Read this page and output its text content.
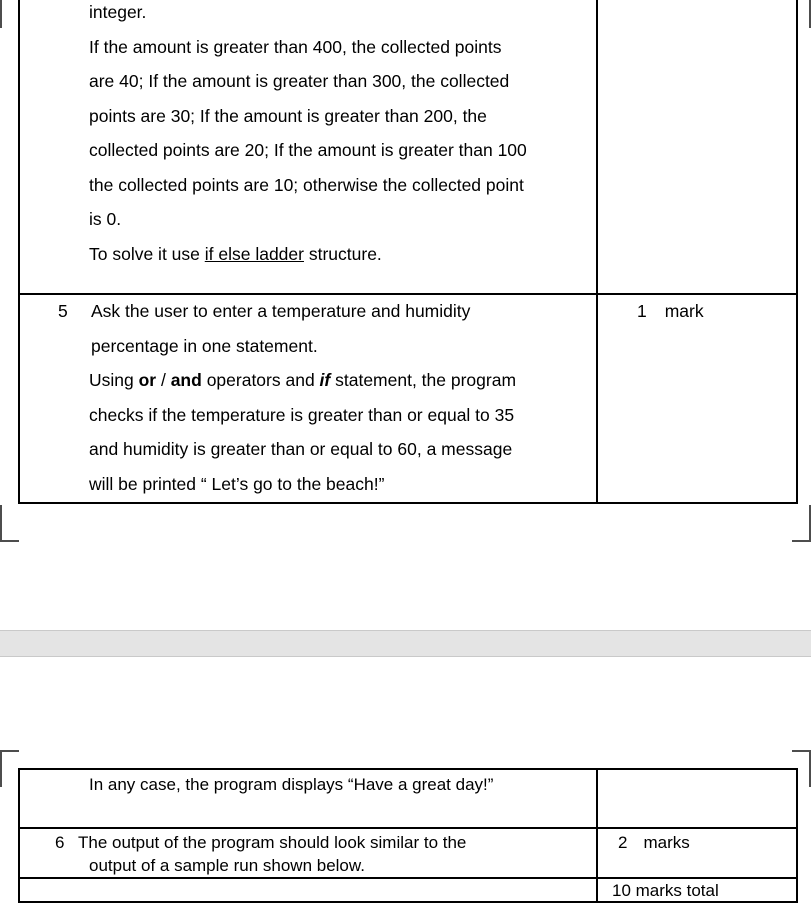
integer.
If the amount is greater than 400, the collected points
are 40; If the amount is greater than 300, the collected
points are 30; If the amount is greater than 200, the
collected points are 20; If the amount is greater than 100
the collected points are 10; otherwise the collected point
is 0.
To solve it use if else ladder structure.
5 Ask the user to enter a temperature and humidity
percentage in one statement.
Using or / and operators and if statement, the program
checks if the temperature is greater than or equal to 35
and humidity is greater than or equal to 60, a message
will be printed “ Let’s go to the beach!”
1 mark
In any case, the program displays “Have a great day!”
6 The output of the program should look similar to the
output of a sample run shown below.
2 marks
10 marks total
